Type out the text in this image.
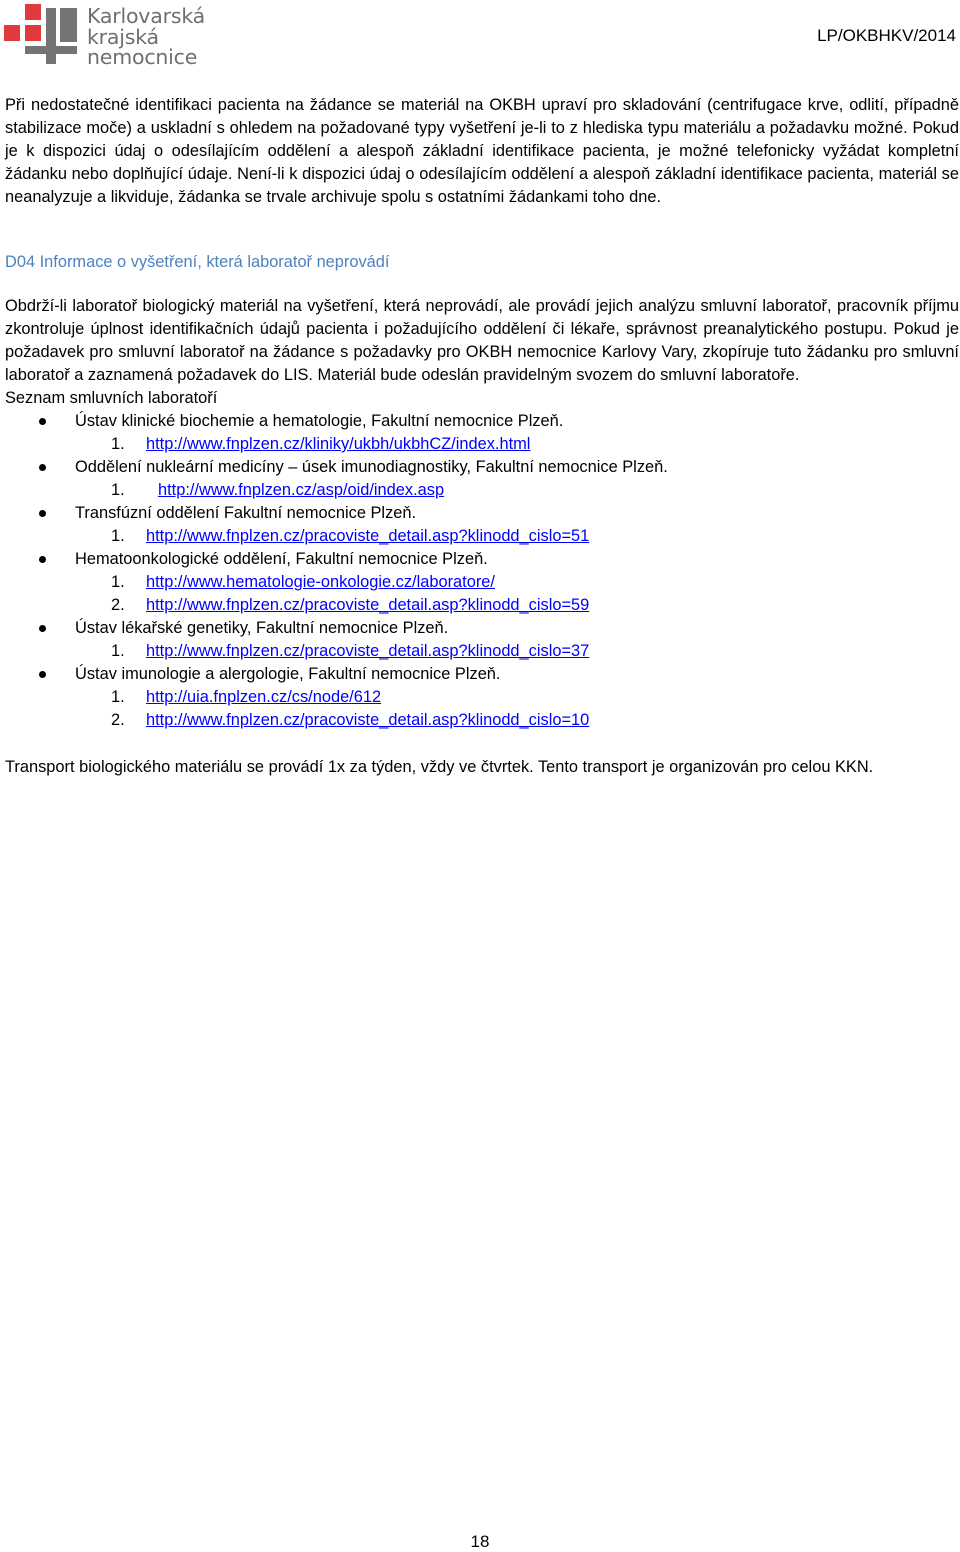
Karlovarská
krajská
nemocnice
LP/OKBHKV/2014

Při nedostatečné identifikaci pacienta na žádance se materiál na OKBH upraví pro skladování (centrifugace krve, odlití, případně stabilizace moče) a uskladní s ohledem na požadované typy vyšetření je-li to z hlediska typu materiálu a požadavku možné. Pokud je k dispozici údaj o odesílajícím oddělení a alespoň základní identifikace pacienta, je možné telefonicky vyžádat kompletní žádanku nebo doplňující údaje. Není-li k dispozici údaj o odesílajícím oddělení a alespoň základní identifikace pacienta, materiál se neanalyzuje a likviduje, žádanka se trvale archivuje spolu s ostatními žádankami toho dne.

D04 Informace o vyšetření, která laboratoř neprovádí

Obdrží-li laboratoř biologický materiál na vyšetření, která neprovádí, ale provádí jejich analýzu smluvní laboratoř, pracovník příjmu zkontroluje úplnost identifikačních údajů pacienta i požadujícího oddělení či lékaře, správnost preanalytického postupu. Pokud je požadavek pro smluvní laboratoř na žádance s požadavky pro OKBH nemocnice Karlovy Vary, zkopíruje tuto žádanku pro smluvní laboratoř a zaznamená požadavek do LIS. Materiál bude odeslán pravidelným svozem do smluvní laboratoře.

Seznam smluvních laboratoří
Ústav klinické biochemie a hematologie, Fakultní nemocnice Plzeň.
1. http://www.fnplzen.cz/kliniky/ukbh/ukbhCZ/index.html
Oddělení nukleární medicíny – úsek imunodiagnostiky, Fakultní nemocnice Plzeň.
1. http://www.fnplzen.cz/asp/oid/index.asp
Transfúzní oddělení Fakultní nemocnice Plzeň.
1. http://www.fnplzen.cz/pracoviste_detail.asp?klinodd_cislo=51
Hematoonkologické oddělení, Fakultní nemocnice Plzeň.
1. http://www.hematologie-onkologie.cz/laboratore/
2. http://www.fnplzen.cz/pracoviste_detail.asp?klinodd_cislo=59
Ústav lékařské genetiky, Fakultní nemocnice Plzeň.
1. http://www.fnplzen.cz/pracoviste_detail.asp?klinodd_cislo=37
Ústav imunologie a alergologie, Fakultní nemocnice Plzeň.
1. http://uia.fnplzen.cz/cs/node/612
2. http://www.fnplzen.cz/pracoviste_detail.asp?klinodd_cislo=10

Transport biologického materiálu se provádí 1x za týden, vždy ve čtvrtek. Tento transport je organizován pro celou KKN.

18
